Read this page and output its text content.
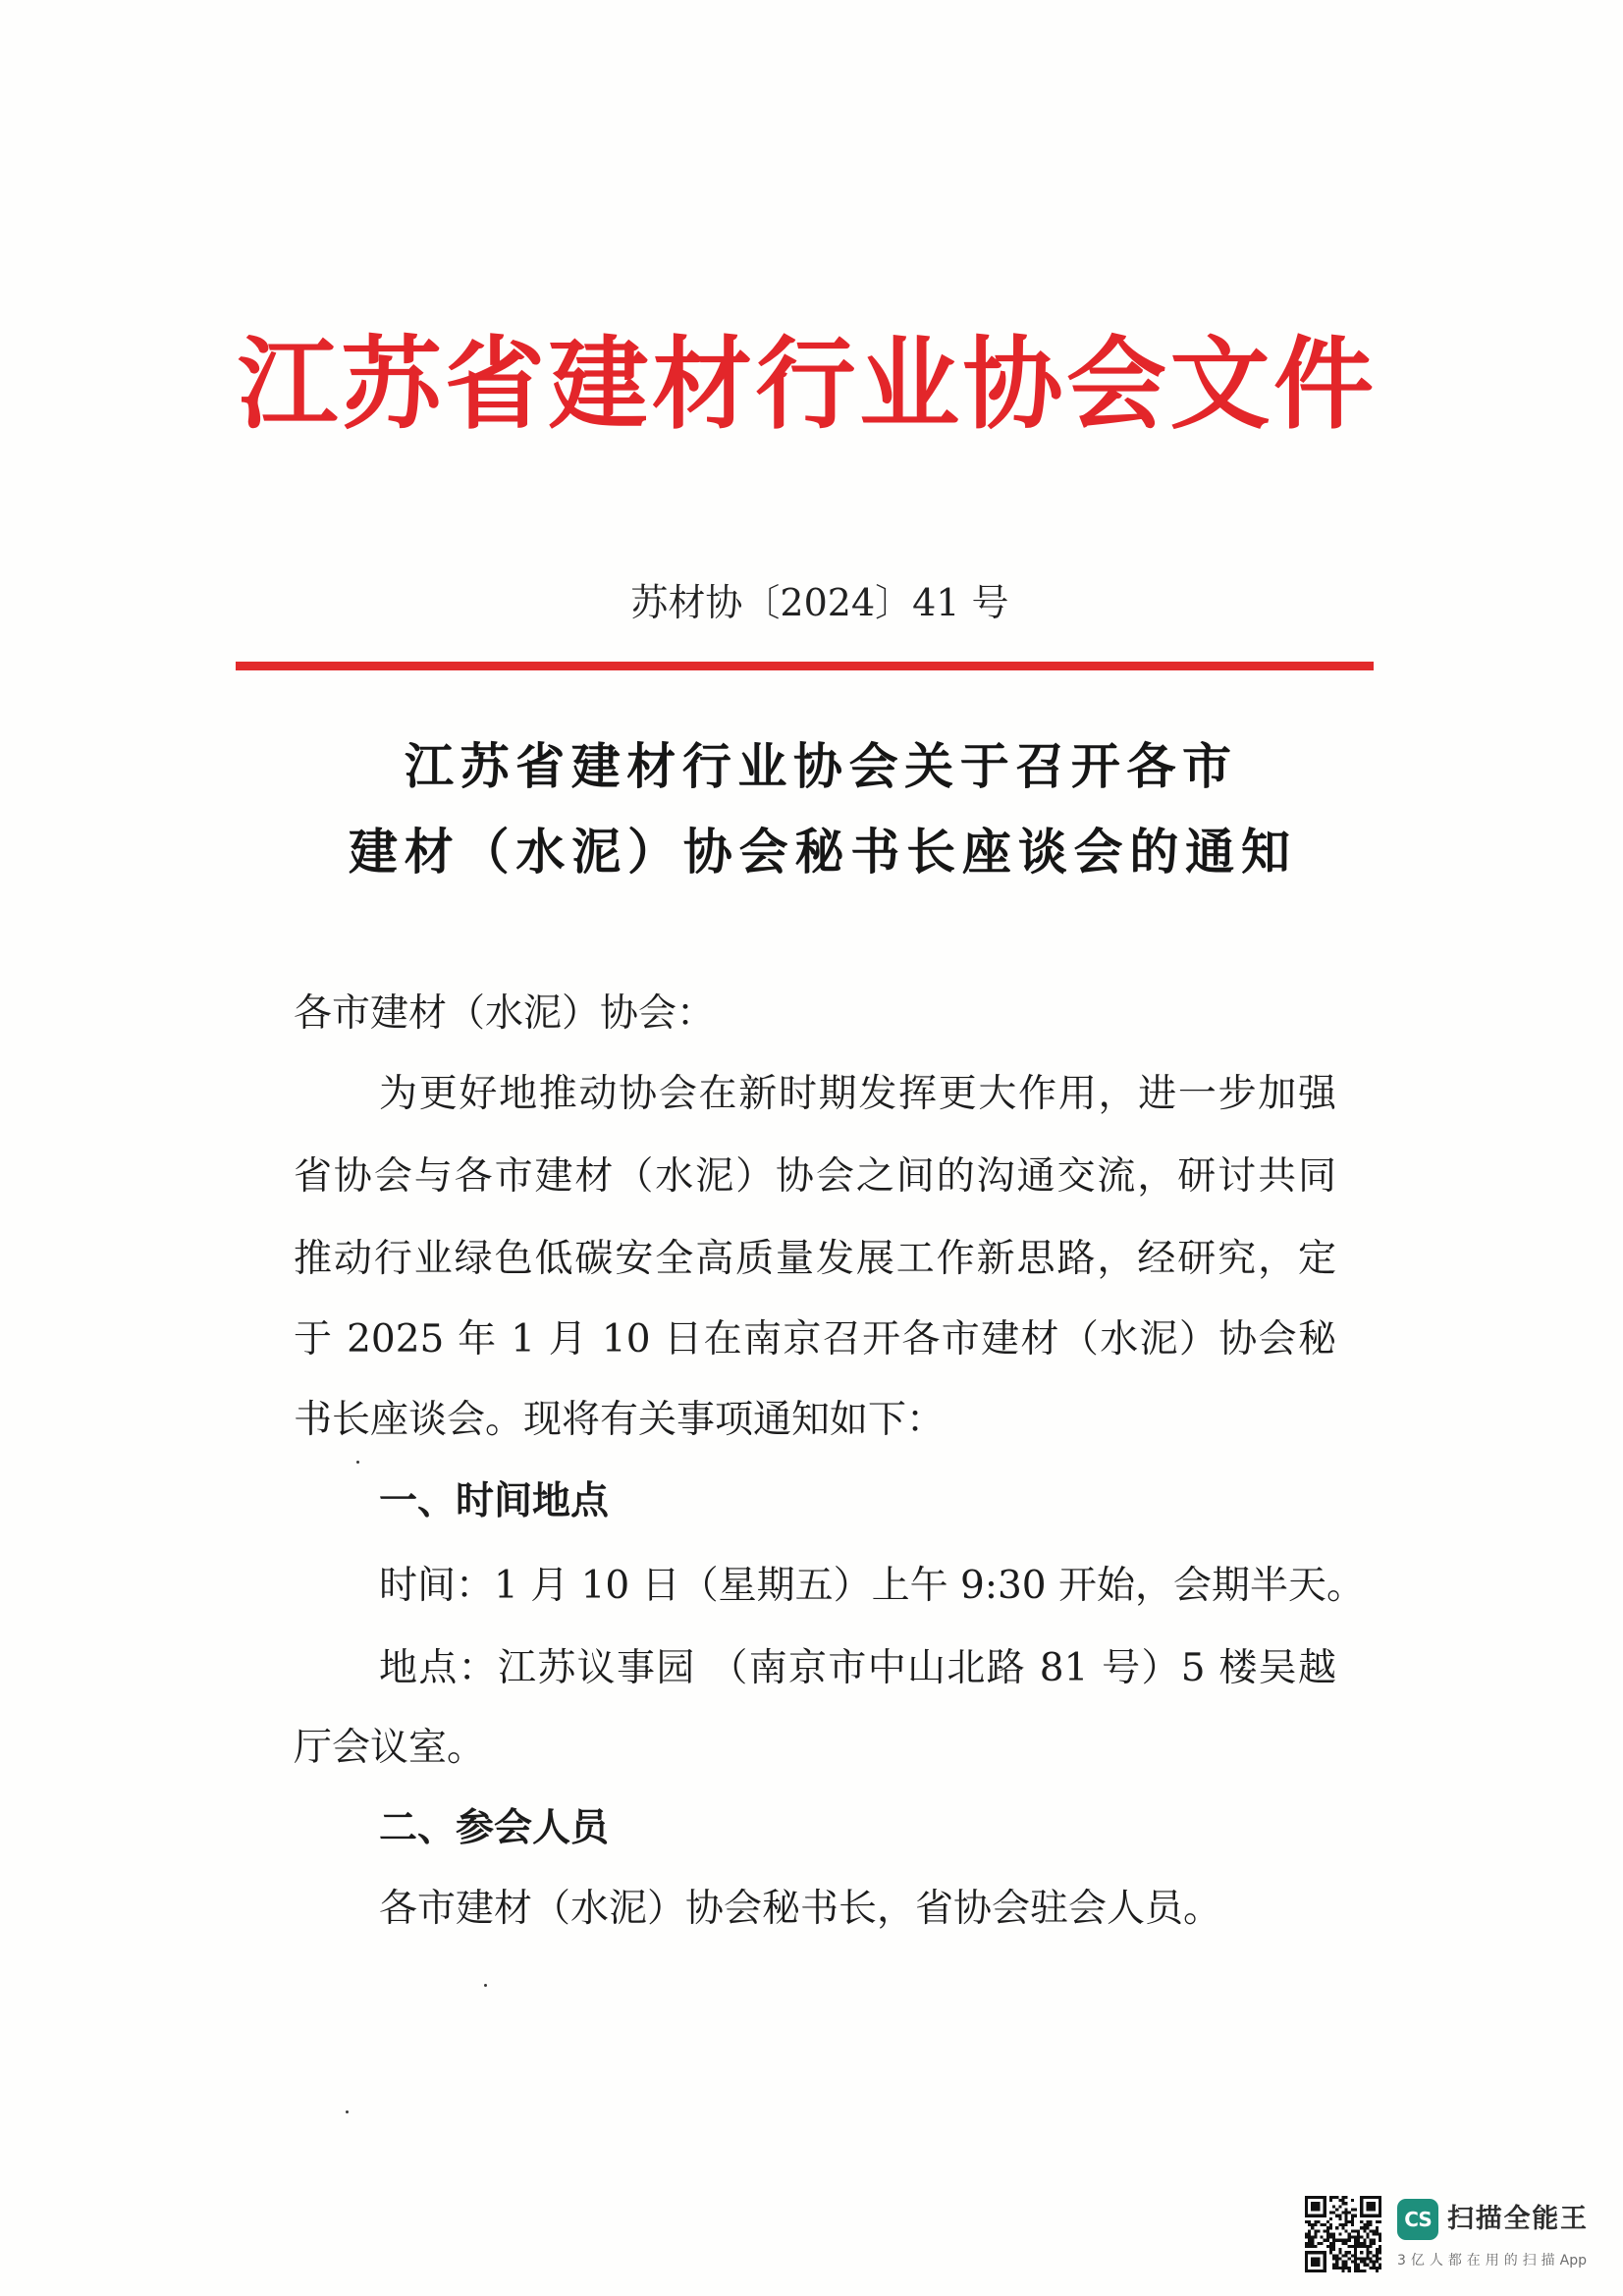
江苏省建材行业协会文件
苏材协〔2024〕41 号
江苏省建材行业协会关于召开各市
建材（水泥）协会秘书长座谈会的通知
各市建材（水泥）协会：
为更好地推动协会在新时期发挥更大作用，进一步加强
省协会与各市建材（水泥）协会之间的沟通交流，研讨共同
推动行业绿色低碳安全高质量发展工作新思路，经研究，定
于 2025 年 1 月 10 日在南京召开各市建材（水泥）协会秘
书长座谈会。现将有关事项通知如下：
一、时间地点
时间：1 月 10 日（星期五）上午 9:30 开始，会期半天。
地点：江苏议事园 （南京市中山北路 81 号）5 楼吴越
厅会议室。
二、参会人员
各市建材（水泥）协会秘书长，省协会驻会人员。
CS 扫描全能王
3亿人都在用的扫描App
